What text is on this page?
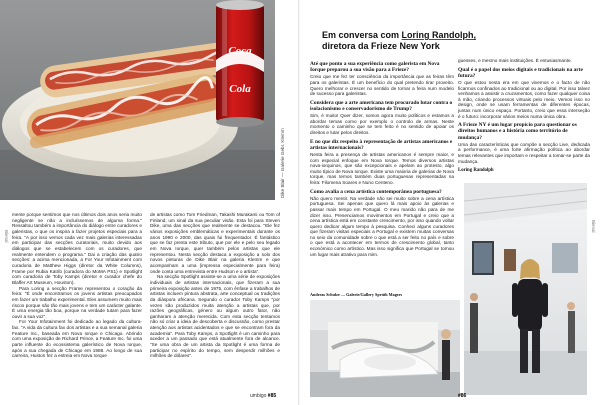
Coca
Cola
Dike Blair — Galerie Gebr. Klemm
Bienal

mente porque sentimos que nos últimos dois anos seria muito negligente se não a incluíssemos de alguma forma." Ressaltou também a importância do diálogo entre curadores e galeristas, o que os inspira a fazer projetos especiais para a feira. "A por isso vemos cada vez mais galerias interessadas em participar das secções curatoriais, muito devido aos diálogos que se estabelecem com os curadores, que realmente entendem o programa." Dai a criação das quatro secções: a acima mencionada, a For Your Infotainment com curadoria de Matthew Higgs (diretor da White Columns), Frame por Rubia Katrib (curadora do MoMA PS1) e Spotlight com curadoria de Toby Kamps (diretor e curador chefe do Blaffer Art Museum, Houston).

Para Loring a secção Frame representou o coração da feira: "É onde encontramos os jovens artistas preocupados em fazer um trabalho experimental. Eles assumem muito mais riscos porque são tão mais jovens e tem um carácter galante. É uma energia tão boa, porque na verdade tutam para fazer ouvir a sua voz".

For Your Infotainment foi dedicado ao legado da cultura-fax. "A vida da cultura fax dos artistas e a sua semanal galeria Feature Inc., baseada em Nova Iorque e Chicago. Abrindo com uma exposição de Richard Prince, a Feature Inc. foi uma parte influente do ecossistema galerístico de Nova Iorque, após a sua chegada de Chicago em 1988. Ao longo de sua carreira, Huston fez a estreia em Nova Iorque

de artistas como Tom Friedman, Takashi Murakami ou Tom of Finland, um sinal da sua peculiar visão. Esta foi para Steven Dike, uma das secções que realmente se destacou. "Ele fez vários exposições emblemáticas e experimentais durante os anos 1990 e 2000, das quais fui frequentador. É fantástico que se faz presta este tributo, que por ele e pelo seu legado em Nova Iorque, quer também pelos artistas que ele representou. Nesta secção destaca a exposição a solo dos novos pinturas de Dike Blair na galeria Klemm e que acompanham a uma (impressa especialmente para feira) onde conta uma entrevista entre Hudson e o artista".

Na secção Spotlight assiste-se a uma série de exposições individuais de artistas internacionais, que fizeram a sua primeira exposição antes de 1975, com ênfase a trabalhos de artistas incluem pintura abstrata, arte conceptual ou tradições da diáspora africana. Segundo o curador Toby Kamps "por vezes são produzidos muita atenção a artistas que, por razões geográficas, género ou algum outro fator, não ganharam a atenção merecida. Com esta secção tentamos não só criar a ideia de descoberta e discussão, como prestar atenção aos artistas acidentados e que se encontram fora da academia". Para Toby Kamps, a Spotlight é um caminho para aceder a um passado que está atualmente fora de alcance. "Se uma obra de um artista da Spotlight é uma forma de participar no espírito do tempo, sem desperdir milhões e milhões de dólares".

umbigo #85
Bienal
Em conversa com Loring Randolph,
diretora da Frieze New York
Até que ponto a sua experiência como galerista em Nova Iorque preparou a sua visão para a Frieze?

Creio que me fez ter consciência da importância que as feiras têm para os galeristas. É um benefício do qual pretendo tirar proveito. Quero melhorar e crescer no sentido de tornar a feira num modelo de sucesso para galeristas.

Considera que a arte americana tem procurado lutar contra o isolacionismo e conservadorismo de Trump?

Sim, é muito! Quer dizer, somos agora muito políticos e estamos a abordar temas como por exemplo o controlo de armas. Neste momento o caminho que se tem feito é no sentido de apoiar os direitos e lutar pelos direitos.

E no que diz respeito à representação de artistas americanos e artistas internacionais?

Nesta feira a presença de artistas americanos é sempre maior, e com especial enfoque em Nova Iorque. Temos diversos artistas nova-iorquinos, que são excepcionais e apelam ao protesto, algo muito típico de Nova Iorque. Existe uma maioria de galerias de Nova Iorque, mas temos também duas portuguesas representadas na feira: Filomena Soares e Nuno Centeno.

Como avalia a cena artística contemporânea portuguesa?

Não quero mentir. Na verdade não sei muito sobre a cena artística portuguesa. Sei apenas que quero lá mais apoio às galerias e passar mais tempo em Portugal. O meu marido não para de me dizer isso. Presenciamos movimentos em Portugal e creio que a cena artística está em constante crescimento, por isso quando voltar quero dedicar algum tempo à pesquisa. Conheci alguns curadores que fizeram visitas especiais a Portugal e existem muitas conversas no seio da comunidade sobre o que está a ser feito no país e sobre o que está a acontecer em termos de crescimento global, tanto económico como artístico. Mas isso significa que Portugal se tornou um lugar mais atrativo para mim.

guesses, e mesmo mais instituições. É entusiasmante.

Qual é o papel dos meios digitais e tradicionais na arte futura?

O que estou nesta era em que vivemos e o facto de não ficarmos confinados ao tradicional ou ao digital. Por isso talvez venhamos a assistir a cruzamentos, como fazer qualquer coisa à mão, criando processos virtuais pelo meio. Vemos isso no design, onde se usam ferramentas de diferentes épocas, juntas num único espaço. Portanto, creio que essa interseção é o futuro: incorporar vários meios numa única obra.

A Frieze NY é um lugar propício para questionar os direitos humanos e a história como território de mudança?

Uma das características que compõe a secção Live, dedicada a performance, é uma forte afirmação política ao abordar temas relevantes que importam e respeitar a tomar-se parte da mudança.

Loring Randolph
Andreas Schulze — Galerie/Gallery Sprüth Magers
#86
